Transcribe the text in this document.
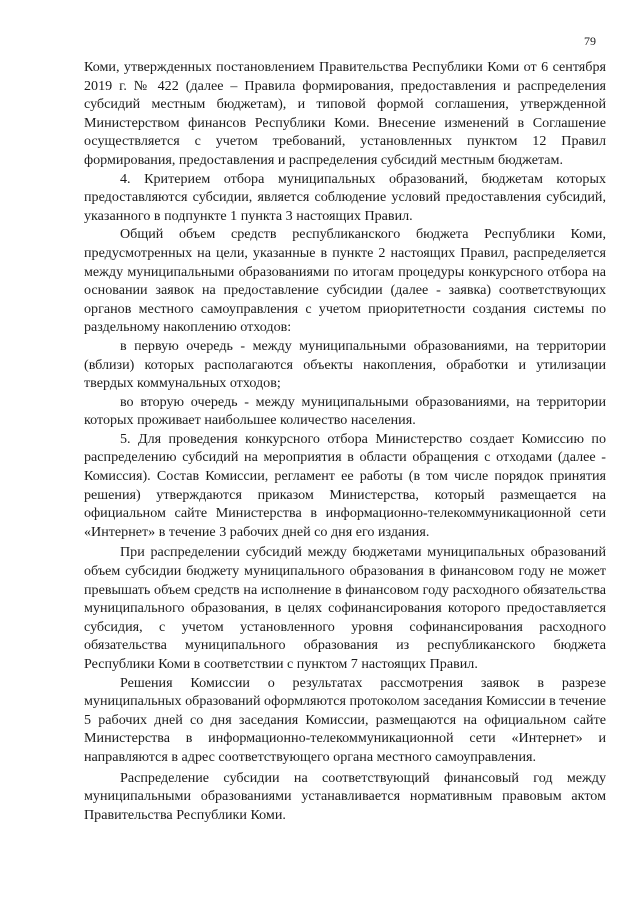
79

Коми, утвержденных постановлением Правительства Республики Коми от 6 сентября 2019 г. № 422 (далее – Правила формирования, предоставления и распределения субсидий местным бюджетам), и типовой формой соглашения, утвержденной Министерством финансов Республики Коми. Внесение изменений в Соглашение осуществляется с учетом требований, установленных пунктом 12 Правил формирования, предоставления и распределения субсидий местным бюджетам.

4. Критерием отбора муниципальных образований, бюджетам которых предоставляются субсидии, является соблюдение условий предоставления субсидий, указанного в подпункте 1 пункта 3 настоящих Правил.

Общий объем средств республиканского бюджета Республики Коми, предусмотренных на цели, указанные в пункте 2 настоящих Правил, распределяется между муниципальными образованиями по итогам процедуры конкурсного отбора на основании заявок на предоставление субсидии (далее - заявка) соответствующих органов местного самоуправления с учетом приоритетности создания системы по раздельному накоплению отходов:

в первую очередь - между муниципальными образованиями, на территории (вблизи) которых располагаются объекты накопления, обработки и утилизации твердых коммунальных отходов;

во вторую очередь - между муниципальными образованиями, на территории которых проживает наибольшее количество населения.

5. Для проведения конкурсного отбора Министерство создает Комиссию по распределению субсидий на мероприятия в области обращения с отходами (далее - Комиссия). Состав Комиссии, регламент ее работы (в том числе порядок принятия решения) утверждаются приказом Министерства, который размещается на официальном сайте Министерства в информационно-телекоммуникационной сети «Интернет» в течение 3 рабочих дней со дня его издания.

При распределении субсидий между бюджетами муниципальных образований объем субсидии бюджету муниципального образования в финансовом году не может превышать объем средств на исполнение в финансовом году расходного обязательства муниципального образования, в целях софинансирования которого предоставляется субсидия, с учетом установленного уровня софинансирования расходного обязательства муниципального образования из республиканского бюджета Республики Коми в соответствии с пунктом 7 настоящих Правил.

Решения Комиссии о результатах рассмотрения заявок в разрезе муниципальных образований оформляются протоколом заседания Комиссии в течение 5 рабочих дней со дня заседания Комиссии, размещаются на официальном сайте Министерства в информационно-телекоммуникационной сети «Интернет» и направляются в адрес соответствующего органа местного самоуправления.

Распределение субсидии на соответствующий финансовый год между муниципальными образованиями устанавливается нормативным правовым актом Правительства Республики Коми.
